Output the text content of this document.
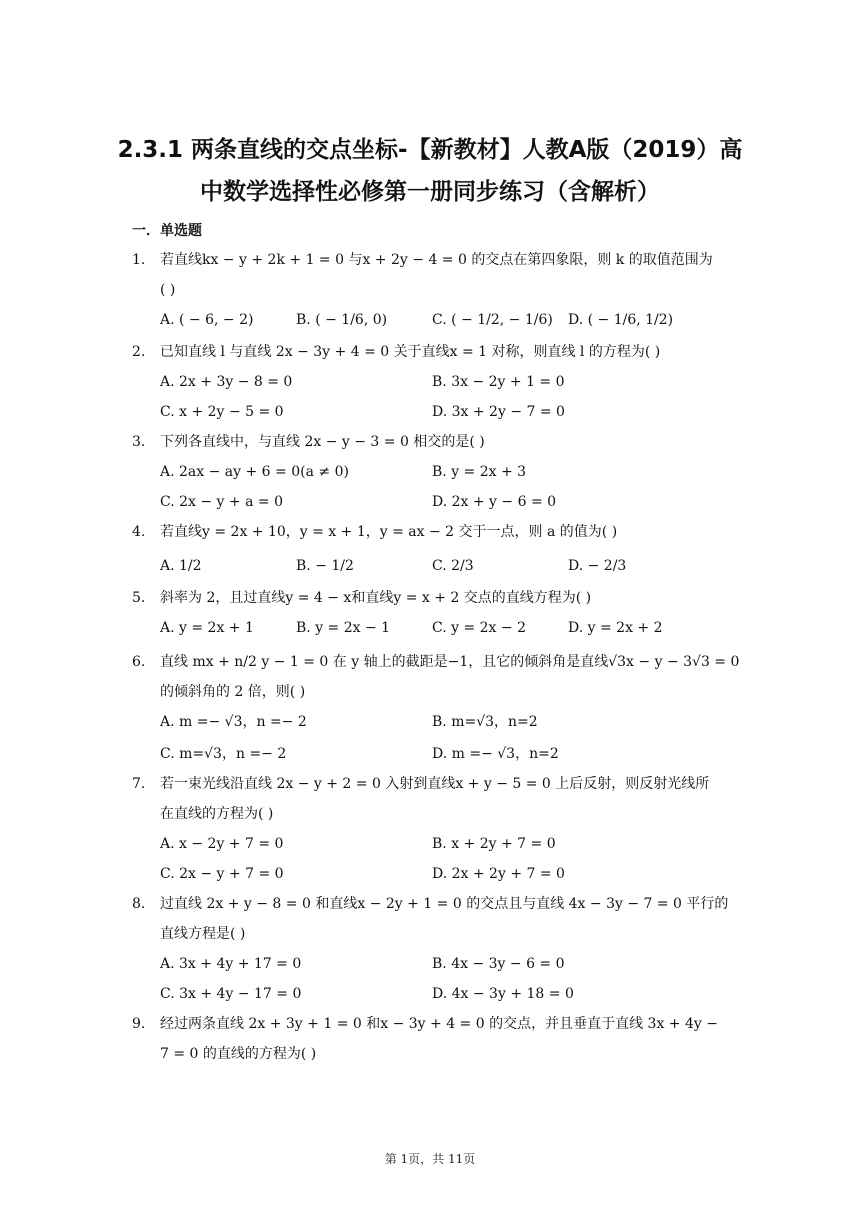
2.3.1 两条直线的交点坐标-【新教材】人教A版（2019）高
中数学选择性必修第一册同步练习（含解析）
一．单选题
1. 若直线kx − y + 2k + 1 = 0 与x + 2y − 4 = 0 的交点在第四象限，则 k 的取值范围为
( )
A. ( − 6, − 2)	B. ( − 1/6, 0)	C. ( − 1/2, − 1/6) D. ( − 1/6, 1/2)
2. 已知直线 l 与直线 2x − 3y + 4 = 0 关于直线x = 1 对称，则直线 l 的方程为( )
A. 2x + 3y − 8 = 0	B. 3x − 2y + 1 = 0
C. x + 2y − 5 = 0	D. 3x + 2y − 7 = 0
3. 下列各直线中，与直线 2x − y − 3 = 0 相交的是( )
A. 2ax − ay + 6 = 0(a ≠ 0)	B. y = 2x + 3
C. 2x − y + a = 0	D. 2x + y − 6 = 0
4. 若直线y = 2x + 10，y = x + 1，y = ax − 2 交于一点，则 a 的值为( )
A. 1/2	B. − 1/2	C. 2/3	D. − 2/3
5. 斜率为 2，且过直线y = 4 − x和直线y = x + 2 交点的直线方程为( )
A. y = 2x + 1	B. y = 2x − 1	C. y = 2x − 2	D. y = 2x + 2
6. 直线 mx + n/2 y − 1 = 0 在 y 轴上的截距是−1，且它的倾斜角是直线√3x − y − 3√3 = 0
的倾斜角的 2 倍，则( )
A. m =− √3，n =− 2	B. m=√3，n=2
C. m=√3，n =− 2	D. m =− √3，n=2
7. 若一束光线沿直线 2x − y + 2 = 0 入射到直线x + y − 5 = 0 上后反射，则反射光线所
在直线的方程为( )
A. x − 2y + 7 = 0	B. x + 2y + 7 = 0
C. 2x − y + 7 = 0	D. 2x + 2y + 7 = 0
8. 过直线 2x + y − 8 = 0 和直线x − 2y + 1 = 0 的交点且与直线 4x − 3y − 7 = 0 平行的
直线方程是( )
A. 3x + 4y + 17 = 0	B. 4x − 3y − 6 = 0
C. 3x + 4y − 17 = 0	D. 4x − 3y + 18 = 0
9. 经过两条直线 2x + 3y + 1 = 0 和x − 3y + 4 = 0 的交点，并且垂直于直线 3x + 4y −
7 = 0 的直线的方程为( )
第 1页，共 11页
